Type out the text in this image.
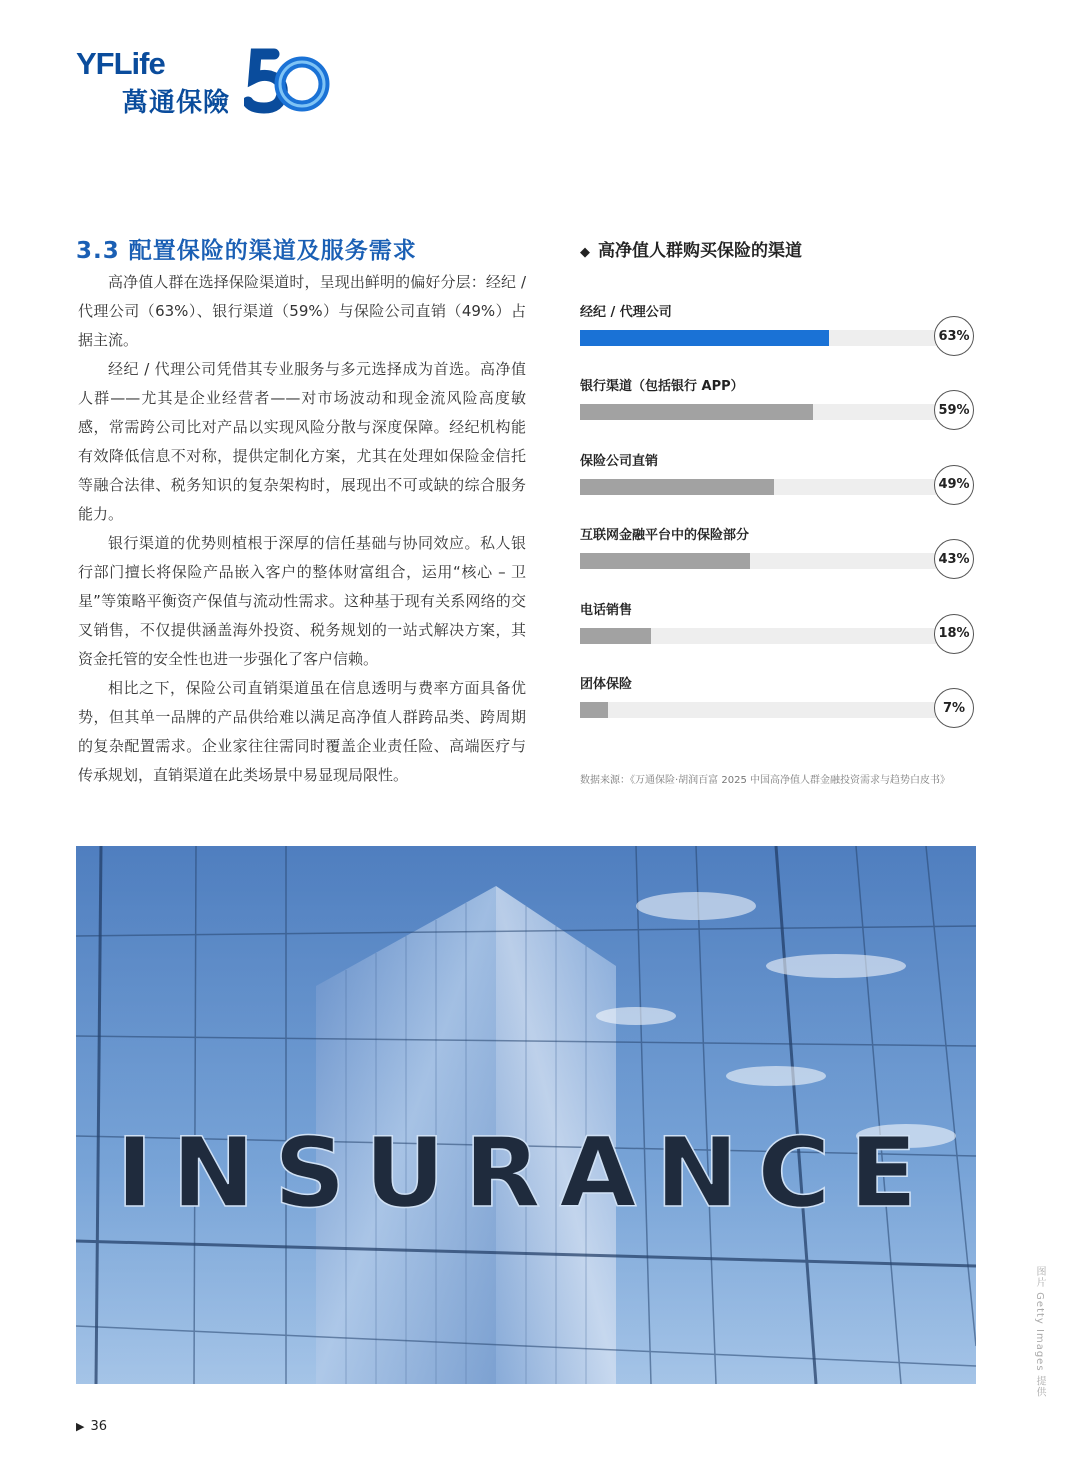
YFLife
萬通保險
3.3 配置保险的渠道及服务需求

高净值人群在选择保险渠道时，呈现出鲜明的偏好分层：经纪 / 代理公司（63%）、银行渠道（59%）与保险公司直销（49%）占据主流。

经纪 / 代理公司凭借其专业服务与多元选择成为首选。高净值人群——尤其是企业经营者——对市场波动和现金流风险高度敏感，常需跨公司比对产品以实现风险分散与深度保障。经纪机构能有效降低信息不对称，提供定制化方案，尤其在处理如保险金信托等融合法律、税务知识的复杂架构时，展现出不可或缺的综合服务能力。

银行渠道的优势则植根于深厚的信任基础与协同效应。私人银行部门擅长将保险产品嵌入客户的整体财富组合，运用“核心 – 卫星”等策略平衡资产保值与流动性需求。这种基于现有关系网络的交叉销售，不仅提供涵盖海外投资、税务规划的一站式解决方案，其资金托管的安全性也进一步强化了客户信赖。

相比之下，保险公司直销渠道虽在信息透明与费率方面具备优势，但其单一品牌的产品供给难以满足高净值人群跨品类、跨周期的复杂配置需求。企业家往往需同时覆盖企业责任险、高端医疗与传承规划，直销渠道在此类场景中易显现局限性。

◆ 高净值人群购买保险的渠道
经纪 / 代理公司
63%
银行渠道（包括银行 APP）
59%
保险公司直销
49%
互联网金融平台中的保险部分
43%
电话销售
18%
团体保险
7%
数据来源：《万通保险·胡润百富 2025 中国高净值人群金融投资需求与趋势白皮书》
INSURANCE
图片 Getty Images 提供
▶ 36
